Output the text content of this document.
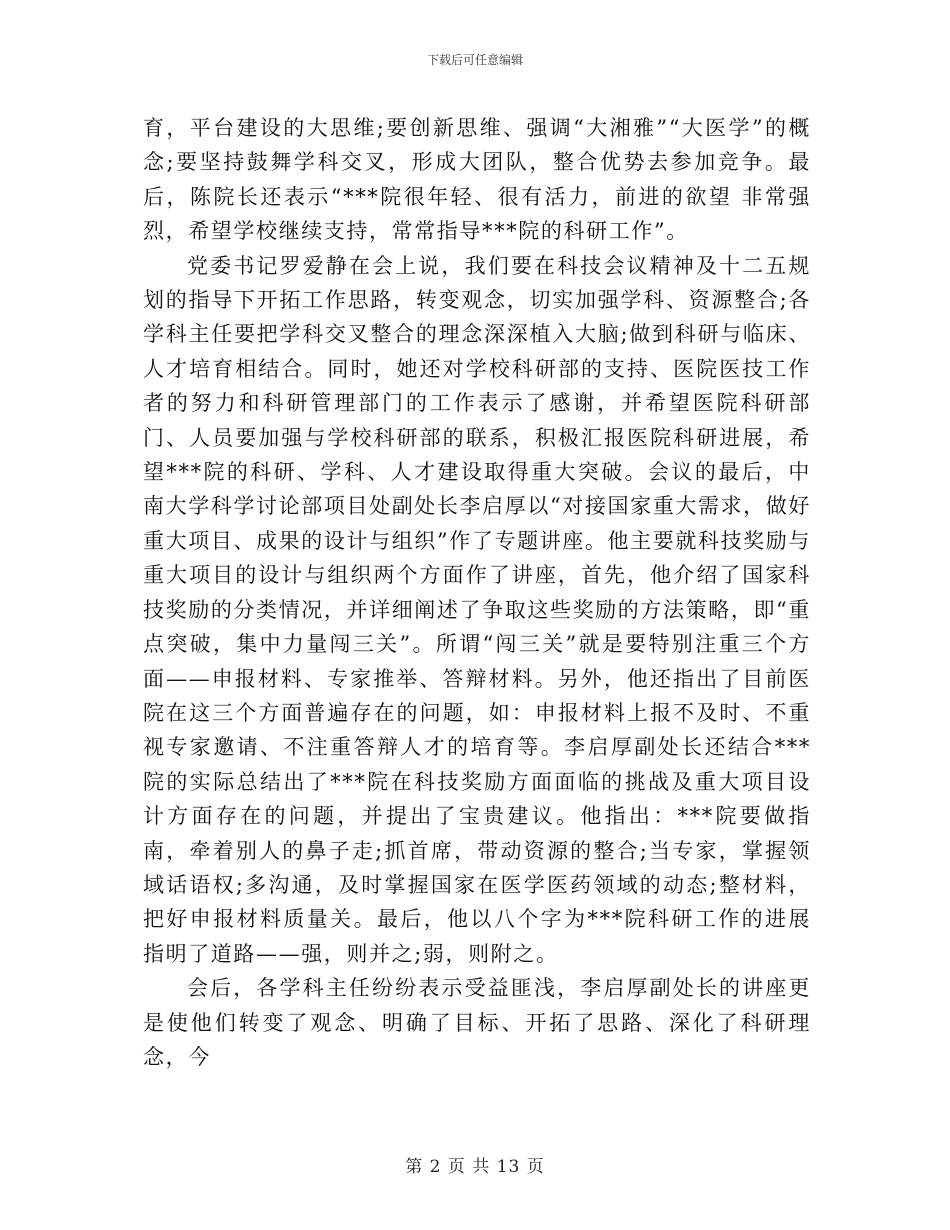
下载后可任意编辑

育，平台建设的大思维;要创新思维、强调“大湘雅”“大医学”的概念;要坚持鼓舞学科交叉，形成大团队，整合优势去参加竞争。最后，陈院长还表示“***院很年轻、很有活力，前进的欲望 非常强烈，希望学校继续支持，常常指导***院的科研工作”。

党委书记罗爱静在会上说，我们要在科技会议精神及十二五规划的指导下开拓工作思路，转变观念，切实加强学科、资源整合;各学科主任要把学科交叉整合的理念深深植入大脑;做到科研与临床、人才培育相结合。同时，她还对学校科研部的支持、医院医技工作者的努力和科研管理部门的工作表示了感谢，并希望医院科研部门、人员要加强与学校科研部的联系，积极汇报医院科研进展，希望***院的科研、学科、人才建设取得重大突破。会议的最后，中南大学科学讨论部项目处副处长李启厚以“对接国家重大需求，做好重大项目、成果的设计与组织”作了专题讲座。他主要就科技奖励与重大项目的设计与组织两个方面作了讲座，首先，他介绍了国家科技奖励的分类情况，并详细阐述了争取这些奖励的方法策略，即“重点突破，集中力量闯三关”。所谓“闯三关”就是要特别注重三个方面——申报材料、专家推举、答辩材料。另外，他还指出了目前医院在这三个方面普遍存在的问题，如：申报材料上报不及时、不重视专家邀请、不注重答辩人才的培育等。李启厚副处长还结合***院的实际总结出了***院在科技奖励方面面临的挑战及重大项目设计方面存在的问题，并提出了宝贵建议。他指出：***院要做指南，牵着别人的鼻子走;抓首席，带动资源的整合;当专家，掌握领域话语权;多沟通，及时掌握国家在医学医药领域的动态;整材料，把好申报材料质量关。最后，他以八个字为***院科研工作的进展指明了道路——强，则并之;弱，则附之。

会后，各学科主任纷纷表示受益匪浅，李启厚副处长的讲座更是使他们转变了观念、明确了目标、开拓了思路、深化了科研理念，今

第 2 页 共 13 页
